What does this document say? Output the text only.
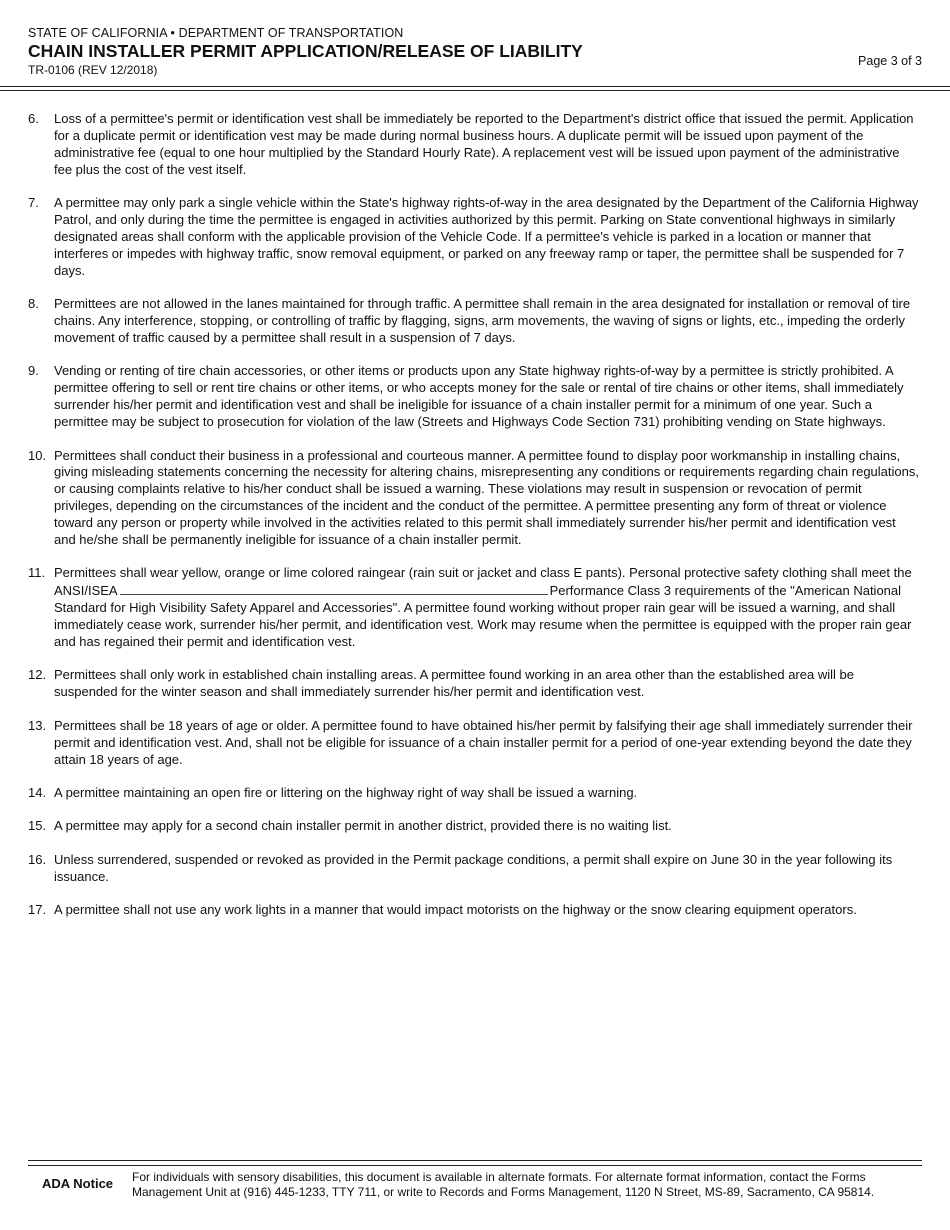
STATE OF CALIFORNIA • DEPARTMENT OF TRANSPORTATION
CHAIN INSTALLER PERMIT APPLICATION/RELEASE OF LIABILITY
TR-0106 (REV 12/2018)
Page 3 of 3
6.	Loss of a permittee's permit or identification vest shall be immediately be reported to the Department's district office that issued the permit. Application for a duplicate permit or identification vest may be made during normal business hours. A duplicate permit will be issued upon payment of the administrative fee (equal to one hour multiplied by the Standard Hourly Rate). A replacement vest will be issued upon payment of the administrative fee plus the cost of the vest itself.
7.	A permittee may only park a single vehicle within the State's highway rights-of-way in the area designated by the Department of the California Highway Patrol, and only during the time the permittee is engaged in activities authorized by this permit. Parking on State conventional highways in similarly designated areas shall conform with the applicable provision of the Vehicle Code. If a permittee's vehicle is parked in a location or manner that interferes or impedes with highway traffic, snow removal equipment, or parked on any freeway ramp or taper, the permittee shall be suspended for 7 days.
8.	Permittees are not allowed in the lanes maintained for through traffic. A permittee shall remain in the area designated for installation or removal of tire chains. Any interference, stopping, or controlling of traffic by flagging, signs, arm movements, the waving of signs or lights, etc., impeding the orderly movement of traffic caused by a permittee shall result in a suspension of 7 days.
9.	Vending or renting of tire chain accessories, or other items or products upon any State highway rights-of-way by a permittee is strictly prohibited. A permittee offering to sell or rent tire chains or other items, or who accepts money for the sale or rental of tire chains or other items, shall immediately surrender his/her permit and identification vest and shall be ineligible for issuance of a chain installer permit for a minimum of one year. Such a permittee may be subject to prosecution for violation of the law (Streets and Highways Code Section 731) prohibiting vending on State highways.
10. Permittees shall conduct their business in a professional and courteous manner. A permittee found to display poor workmanship in installing chains, giving misleading statements concerning the necessity for altering chains, misrepresenting any conditions or requirements regarding chain regulations, or causing complaints relative to his/her conduct shall be issued a warning. These violations may result in suspension or revocation of permit privileges, depending on the circumstances of the incident and the conduct of the permittee. A permittee presenting any form of threat or violence toward any person or property while involved in the activities related to this permit shall immediately surrender his/her permit and identification vest and he/she shall be permanently ineligible for issuance of a chain installer permit.
11. Permittees shall wear yellow, orange or lime colored raingear (rain suit or jacket and class E pants). Personal protective safety clothing shall meet the ANSI/ISEA	Performance Class 3 requirements of the "American National Standard for High Visibility Safety Apparel and Accessories". A permittee found working without proper rain gear will be issued a warning, and shall immediately cease work, surrender his/her permit, and identification vest. Work may resume when the permittee is equipped with the proper rain gear and has regained their permit and identification vest.
12. Permittees shall only work in established chain installing areas. A permittee found working in an area other than the established area will be suspended for the winter season and shall immediately surrender his/her permit and identification vest.
13. Permittees shall be 18 years of age or older. A permittee found to have obtained his/her permit by falsifying their age shall immediately surrender their permit and identification vest. And, shall not be eligible for issuance of a chain installer permit for a period of one-year extending beyond the date they attain 18 years of age.
14. A permittee maintaining an open fire or littering on the highway right of way shall be issued a warning.
15. A permittee may apply for a second chain installer permit in another district, provided there is no waiting list.
16. Unless surrendered, suspended or revoked as provided in the Permit package conditions, a permit shall expire on June 30 in the year following its issuance.
17. A permittee shall not use any work lights in a manner that would impact motorists on the highway or the snow clearing equipment operators.
ADA Notice	For individuals with sensory disabilities, this document is available in alternate formats. For alternate format information, contact the Forms Management Unit at (916) 445-1233, TTY 711, or write to Records and Forms Management, 1120 N Street, MS-89, Sacramento, CA 95814.
